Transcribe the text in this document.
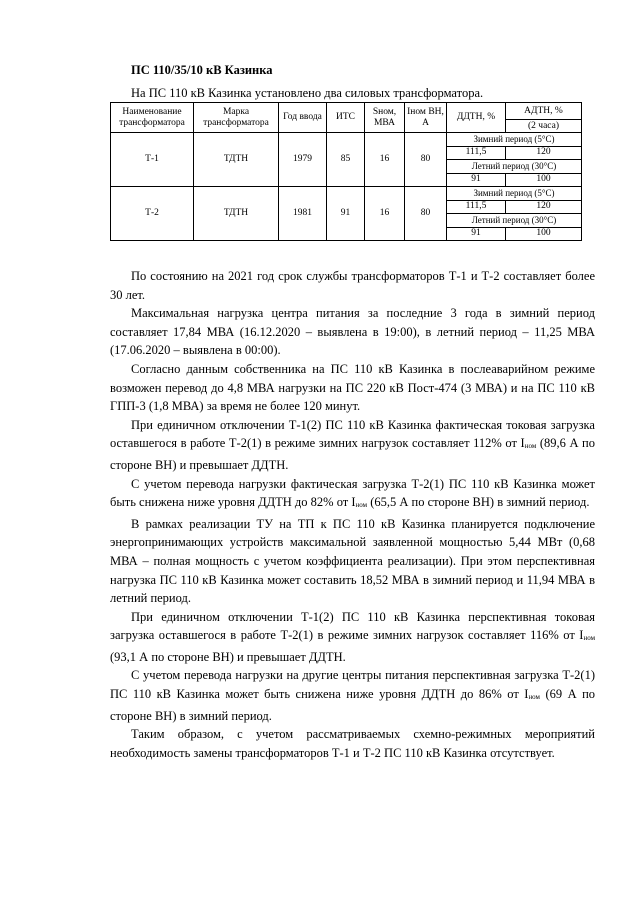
ПС 110/35/10 кВ Казинка
На ПС 110 кВ Казинка установлено два силовых трансформатора.
Наименование трансформатора	Марка трансформатора	Год ввода	ИТС	Sном, МВА	Iном ВН, А	ДДТН, %	АДТН, %
							(2 часа)
Т-1	ТДТН	1979	85	16	80	Зимний период (5°С)	
						111,5	120
						Летний период (30°С)	
						91	100
Т-2	ТДТН	1981	91	16	80	Зимний период (5°С)	
						111,5	120
						Летний период (30°С)	
						91	100

По состоянию на 2021 год срок службы трансформаторов Т-1 и Т-2 составляет более 30 лет.

Максимальная нагрузка центра питания за последние 3 года в зимний период составляет 17,84 МВА (16.12.2020 – выявлена в 19:00), в летний период – 11,25 МВА (17.06.2020 – выявлена в 00:00).

Согласно данным собственника на ПС 110 кВ Казинка в послеаварийном режиме возможен перевод до 4,8 МВА нагрузки на ПС 220 кВ Пост-474 (3 МВА) и на ПС 110 кВ ГПП-3 (1,8 МВА) за время не более 120 минут.

При единичном отключении Т-1(2) ПС 110 кВ Казинка фактическая токовая загрузка оставшегося в работе Т-2(1) в режиме зимних нагрузок составляет 112% от $I_{ном}$ (89,6 А по стороне ВН) и превышает ДДТН.

С учетом перевода нагрузки фактическая загрузка Т-2(1) ПС 110 кВ Казинка может быть снижена ниже уровня ДДТН до 82% от $I_{ном}$ (65,5 А по стороне ВН) в зимний период.

В рамках реализации ТУ на ТП к ПС 110 кВ Казинка планируется подключение энергопринимающих устройств максимальной заявленной мощностью 5,44 МВт (0,68 МВА – полная мощность с учетом коэффициента реализации). При этом перспективная нагрузка ПС 110 кВ Казинка может составить 18,52 МВА в зимний период и 11,94 МВА в летний период.

При единичном отключении Т-1(2) ПС 110 кВ Казинка перспективная токовая загрузка оставшегося в работе Т-2(1) в режиме зимних нагрузок составляет 116% от $I_{ном}$ (93,1 А по стороне ВН) и превышает ДДТН.

С учетом перевода нагрузки на другие центры питания перспективная загрузка Т-2(1) ПС 110 кВ Казинка может быть снижена ниже уровня ДДТН до 86% от $I_{ном}$ (69 А по стороне ВН) в зимний период.

Таким образом, с учетом рассматриваемых схемно-режимных мероприятий необходимость замены трансформаторов Т-1 и Т-2 ПС 110 кВ Казинка отсутствует.
